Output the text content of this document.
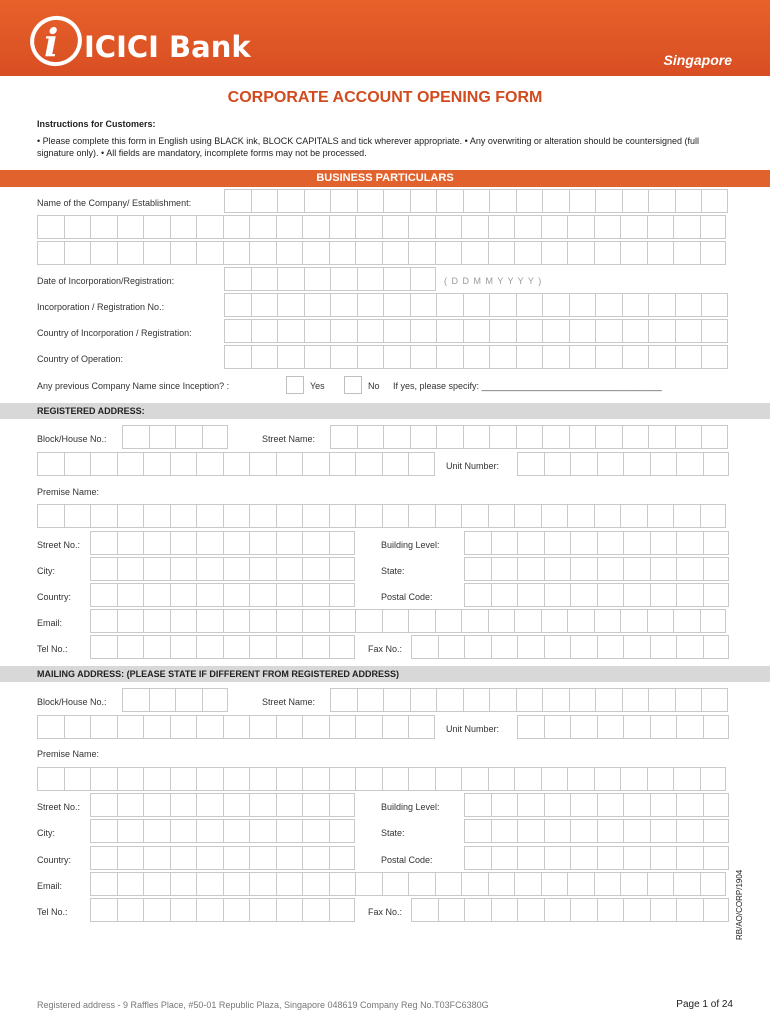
i ICICI Bank	Singapore
CORPORATE ACCOUNT OPENING FORM
Instructions for Customers:
• Please complete this form in English using BLACK ink, BLOCK CAPITALS and tick wherever appropriate. • Any overwriting or alteration should be countersigned (full signature only). • All fields are mandatory, incomplete forms may not be processed.
BUSINESS PARTICULARS
Name of the Company/ Establishment:
Date of Incorporation/Registration:	( D D M M Y Y Y Y )
Incorporation / Registration No.:
Country of Incorporation / Registration:
Country of Operation:
Any previous Company Name since Inception? :	Yes	No If yes, please specify: ____________________________________
REGISTERED ADDRESS:
Block/House No.:	Street Name:
Unit Number:
Premise Name:
Street No.:	Building Level:
City:	State:
Country:	Postal Code:
Email:
Tel No.:	Fax No.:
MAILING ADDRESS: (PLEASE STATE IF DIFFERENT FROM REGISTERED ADDRESS)
Block/House No.:	Street Name:
Unit Number:
Premise Name:
Street No.:	Building Level:
City:	State:
Country:	Postal Code:
Email:
Tel No.:	Fax No.:	RB/AO/CORP/1904
Registered address - 9 Raffles Place, #50-01 Republic Plaza, Singapore 048619 Company Reg No.T03FC6380G	Page 1 of 24
